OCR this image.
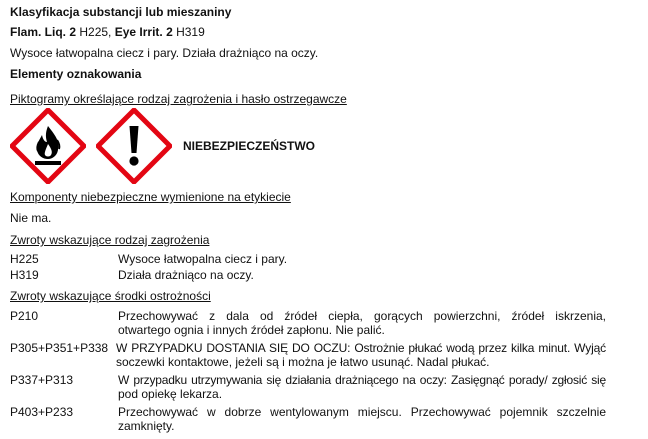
Klasyfikacja substancji lub mieszaniny
Flam. Liq. 2 H225, Eye Irrit. 2 H319
Wysoce łatwopalna ciecz i pary. Działa drażniąco na oczy.
Elementy oznakowania
Piktogramy określające rodzaj zagrożenia i hasło ostrzegawcze
NIEBEZPIECZEŃSTWO
Komponenty niebezpieczne wymienione na etykiecie
Nie ma.
Zwroty wskazujące rodzaj zagrożenia
H225	Wysoce łatwopalna ciecz i pary.
H319	Działa drażniąco na oczy.
Zwroty wskazujące środki ostrożności
P210	Przechowywać z dala od źródeł ciepła, gorących powierzchni, źródeł iskrzenia,
otwartego ognia i innych źródeł zapłonu. Nie palić.
P305+P351+P338 W PRZYPADKU DOSTANIA SIĘ DO OCZU: Ostrożnie płukać wodą przez kilka minut. Wyjąć
soczewki kontaktowe, jeżeli są i można je łatwo usunąć. Nadal płukać.
P337+P313	W przypadku utrzymywania się działania drażniącego na oczy: Zasięgnąć porady/ zgłosić się
pod opiekę lekarza.
P403+P233	Przechowywać w dobrze wentylowanym miejscu. Przechowywać pojemnik szczelnie
zamknięty.
